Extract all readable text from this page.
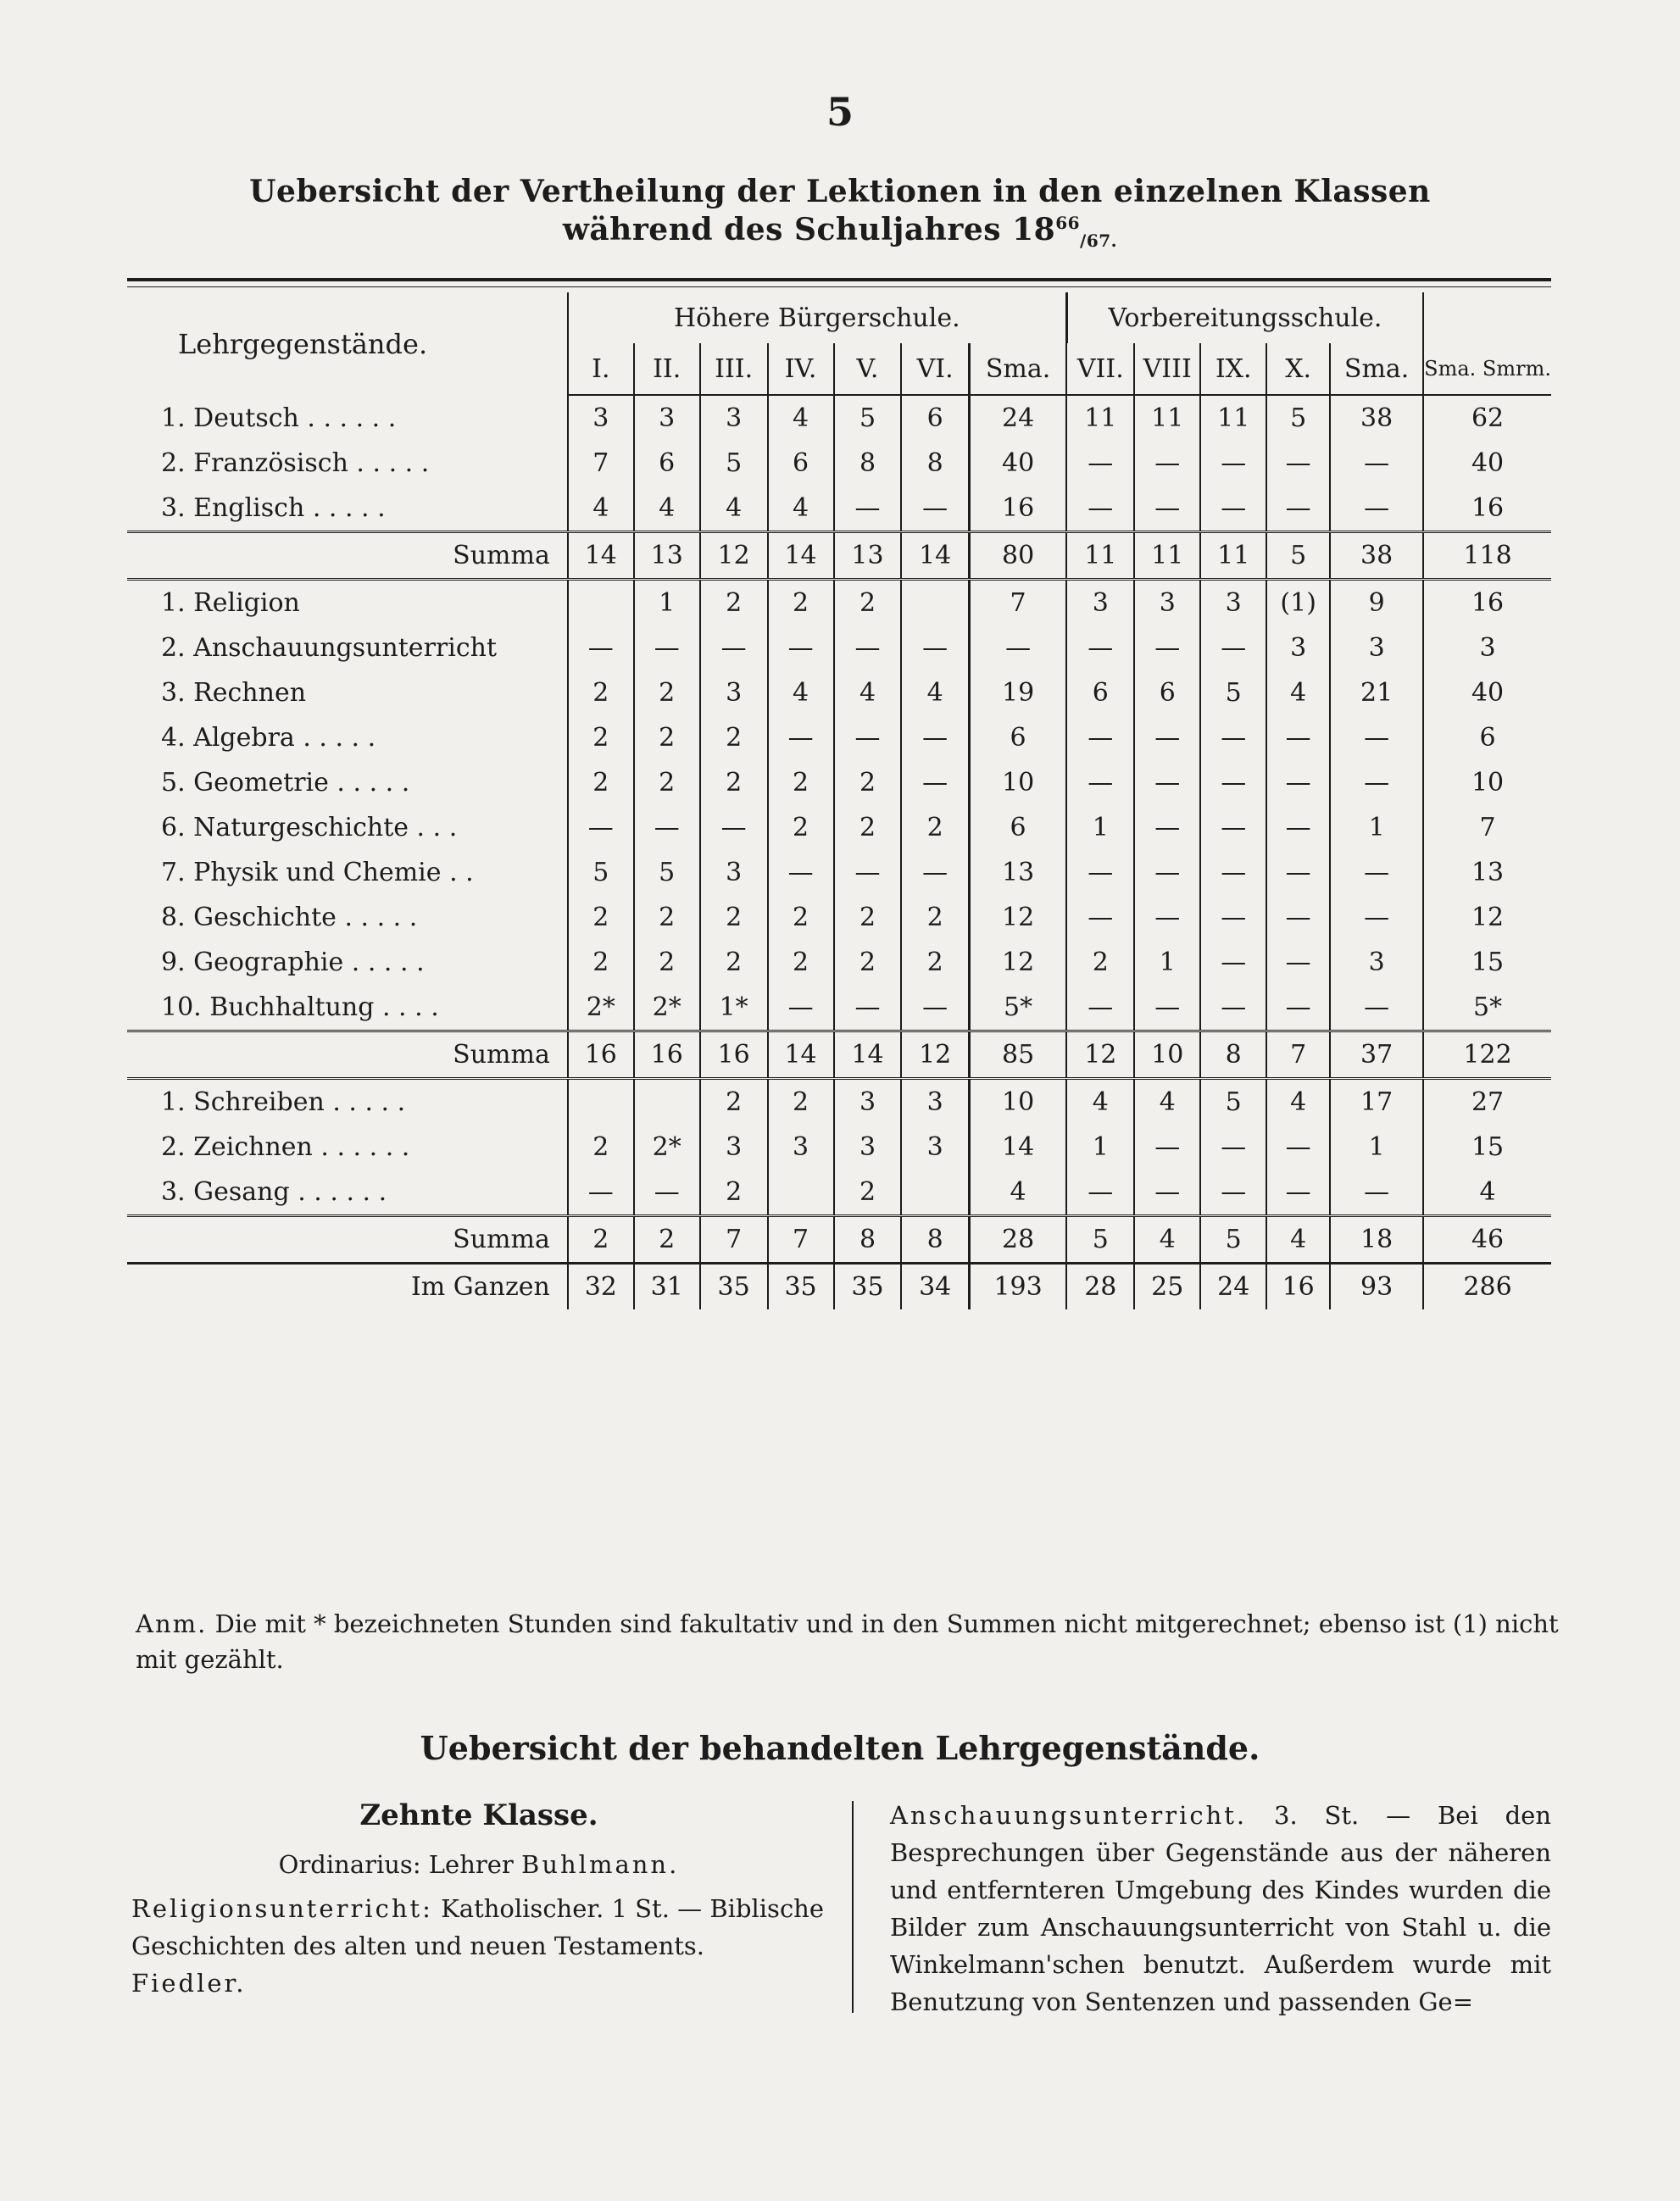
5
Uebersicht der Vertheilung der Lektionen in den einzelnen Klassen
während des Schuljahres $18^{66}_{/67.}$
Lehrgegenstände.	Höhere Bürgerschule.							Vorbereitungsschule.					
	I.	II.	III.	IV.	V.	VI.	Sma.	VII.	VIII	IX.	X.	Sma.	Sma. Smrm.
1. Deutsch . . . . . .	3	3	3	4	5	6	24	11	11	11	5	38	62
2. Französisch . . . . .	7	6	5	6	8	8	40	—	—	—	—	—	40
3. Englisch . . . . .	4	4	4	4	—	—	16	—	—	—	—	—	16
Summa	14	13	12	14	13	14	80	11	11	11	5	38	118
1. Religion		1	2	2	2		7	3	3	3	(1)	9	16
2. Anschauungsunterricht	—	—	—	—	—	—	—	—	—	—	3	3	3
3. Rechnen	2	2	3	4	4	4	19	6	6	5	4	21	40
4. Algebra . . . . .	2	2	2	—	—	—	6	—	—	—	—	—	6
5. Geometrie . . . . .	2	2	2	2	2	—	10	—	—	—	—	—	10
6. Naturgeschichte . . .	—	—	—	2	2	2	6	1	—	—	—	1	7
7. Physik und Chemie . .	5	5	3	—	—	—	13	—	—	—	—	—	13
8. Geschichte . . . . .	2	2	2	2	2	2	12	—	—	—	—	—	12
9. Geographie . . . . .	2	2	2	2	2	2	12	2	1	—	—	3	15
10. Buchhaltung . . . .	2*	2*	1*	—	—	—	5*	—	—	—	—	—	5*
Summa	16	16	16	14	14	12	85	12	10	8	7	37	122
1. Schreiben . . . . .			2	2	3	3	10	4	4	5	4	17	27
2. Zeichnen . . . . . .	2	2*	3	3	3	3	14	1	—	—	—	1	15
3. Gesang . . . . . .	—	—	2		2		4	—	—	—	—	—	4
Summa	2	2	7	7	8	8	28	5	4	5	4	18	46
Im Ganzen	32	31	35	35	35	34	193	28	25	24	16	93	286
Anm. Die mit * bezeichneten Stunden sind fakultativ und in den Summen nicht mitgerechnet; ebenso ist (1) nicht mit gezählt.
Uebersicht der behandelten Lehrgegenstände.
Zehnte Klasse.
Ordinarius: Lehrer Buhlmann.

Religionsunterricht: Katholischer. 1 St. — Biblische Geschichten des alten und neuen Testaments. Fiedler.

Anschauungsunterricht. 3. St. — Bei den Besprechungen über Gegenstände aus der näheren und entfernteren Umgebung des Kindes wurden die Bilder zum Anschauungsunterricht von Stahl u. die Winkelmann'schen benutzt. Außerdem wurde mit Benutzung von Sentenzen und passenden Ge=
